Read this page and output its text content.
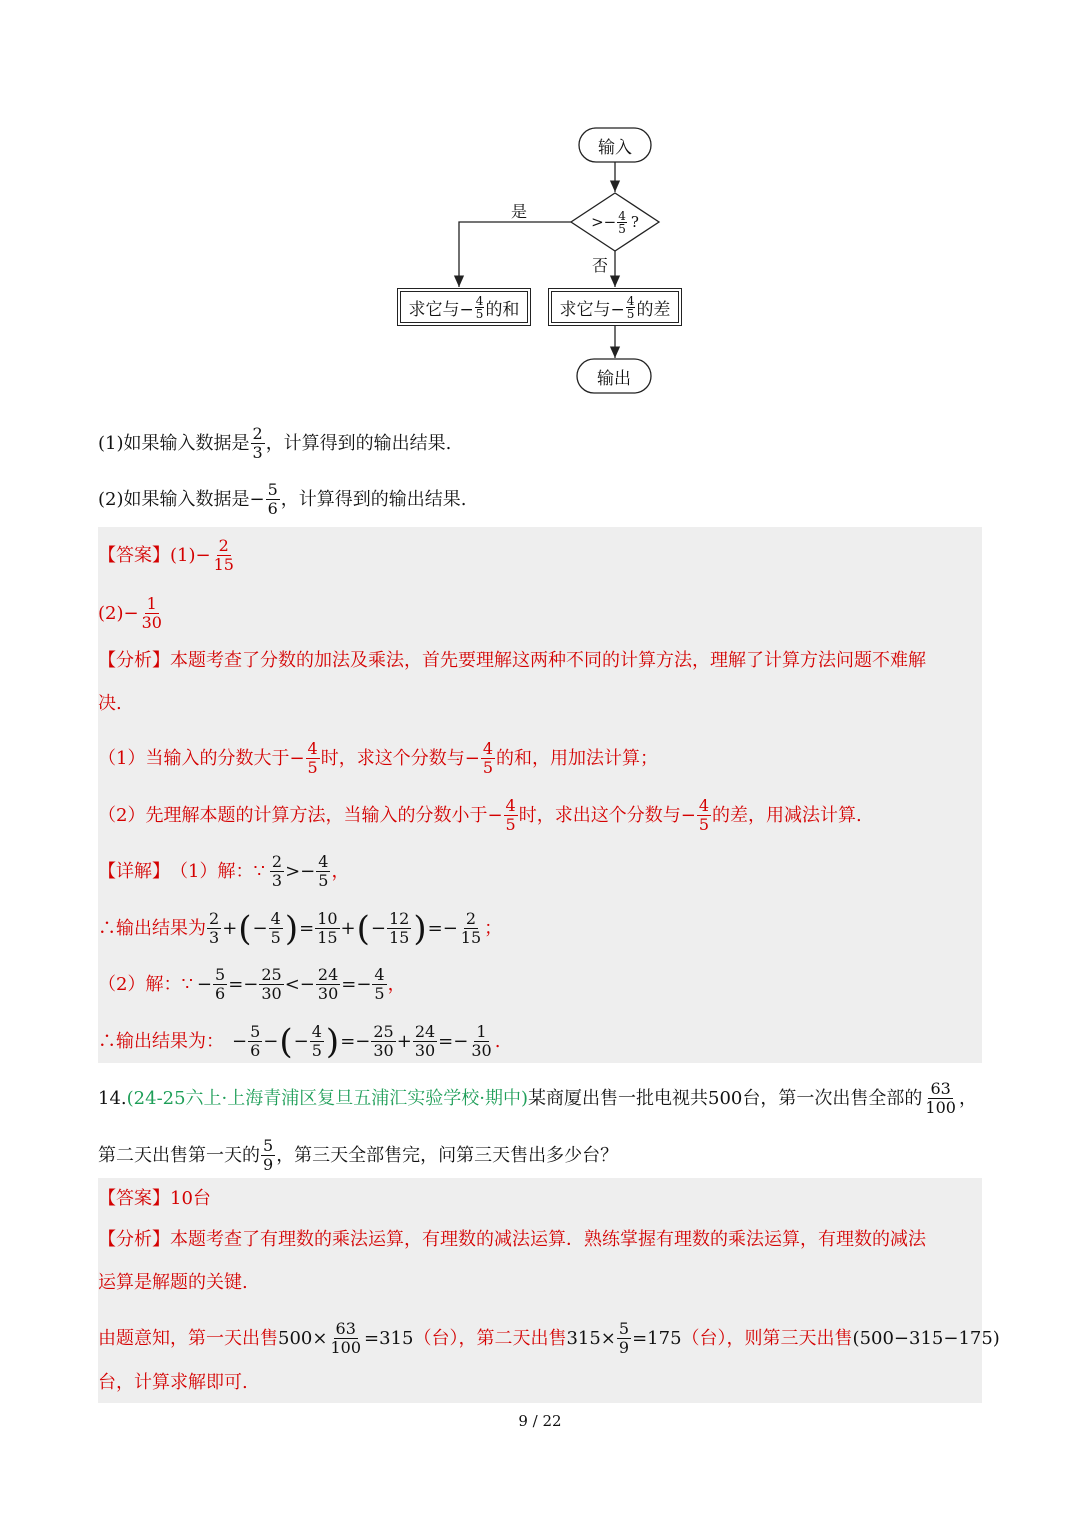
输入
>− $\frac{4}{5}$ ?
是
否
求它与− $\frac{4}{5}$ 的和 求它与− $\frac{4}{5}$ 的差
输出
(1)如果输入数据是 $\frac{2}{3}$ ，计算得到的输出结果.
(2)如果输入数据是− $\frac{5}{6}$ ，计算得到的输出结果.
【答案】 $(1)- \frac{2}{15}$
$(2)- \frac{1}{30}$
【分析】 本题考查了分数的加法及乘法，首先要理解这两种不同的计算方法，理解了计算方法问题不难解
决.
（1）当输入的分数大于− $\frac{4}{5}$ 时，求这个分数与− $\frac{4}{5}$ 的和，用加法计算；
（2）先理解本题的计算方法，当输入的分数小于− $\frac{4}{5}$ 时，求出这个分数与− $\frac{4}{5}$ 的差，用减法计算.
【详解】 （1）解： ∵ $\frac{2}{3} >- \frac{4}{5}$ ，
∴输出结果为 $\frac{2}{3}$ + ( − $\frac{4}{5}$ ) = $\frac{10}{15}$ + ( − $\frac{12}{15}$ ) =− $\frac{2}{15}$ ；
（2）解： ∵ − $\frac{5}{6} =- \frac{25}{30} <- \frac{24}{30} =- \frac{4}{5}$ ，
∴输出结果为： − $\frac{5}{6}$ − ( − $\frac{4}{5}$ ) =− $\frac{25}{30} + \frac{24}{30} =- \frac{1}{30}$ .
14. (24-25六上·上海青浦区复旦五浦汇实验学校·期中) 某商厦出售一批电视共500台，第一次出售全部的 $\frac{63}{100}$ ，
第二天出售第一天的 $\frac{5}{9}$ ，第三天全部售完，问第三天售出多少台？
【答案】 10台
【分析】 本题考查了有理数的乘法运算，有理数的减法运算．熟练掌握有理数的乘法运算，有理数的减法
运算是解题的关键.
由题意知，第一天出售 $500\times \frac{63}{100} =315$ （台），第二天出售 $315\times \frac{5}{9} =175$ （台），则第三天出售 (500−315−175)
台，计算求解即可.
9 / 22
